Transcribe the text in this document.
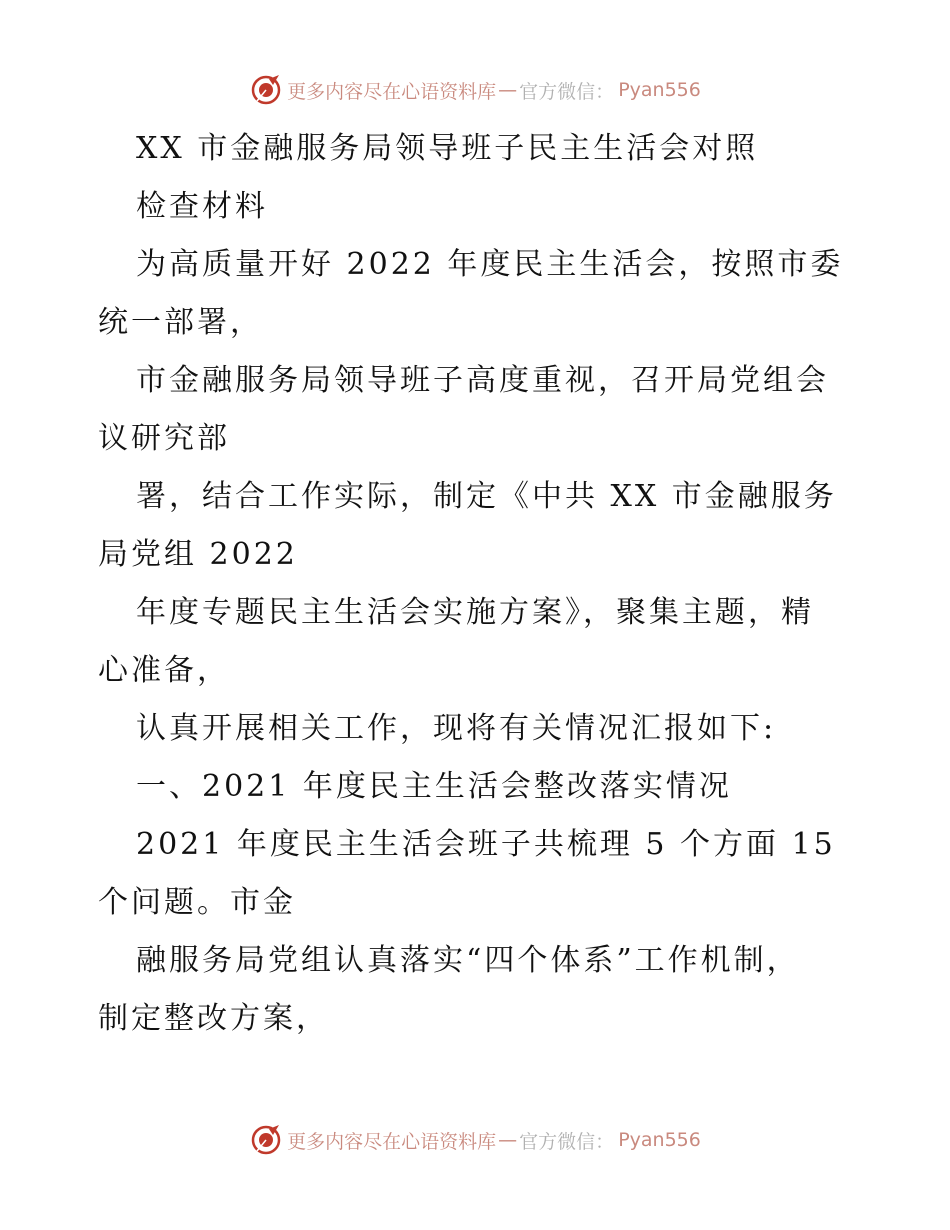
更多内容尽在心语资料库 — 官方微信： Pyan556
XX 市金融服务局领导班子民主生活会对照
检查材料
为高质量开好 2022 年度民主生活会，按照市委
统一部署，
市金融服务局领导班子高度重视，召开局党组会
议研究部
署，结合工作实际，制定《中共 XX 市金融服务
局党组 2022
年度专题民主生活会实施方案》，聚集主题，精
心准备，
认真开展相关工作，现将有关情况汇报如下:
一、2021 年度民主生活会整改落实情况
2021 年度民主生活会班子共梳理 5 个方面 15
个问题。市金
融服务局党组认真落实“四个体系”工作机制，
制定整改方案，
更多内容尽在心语资料库 — 官方微信： Pyan556
